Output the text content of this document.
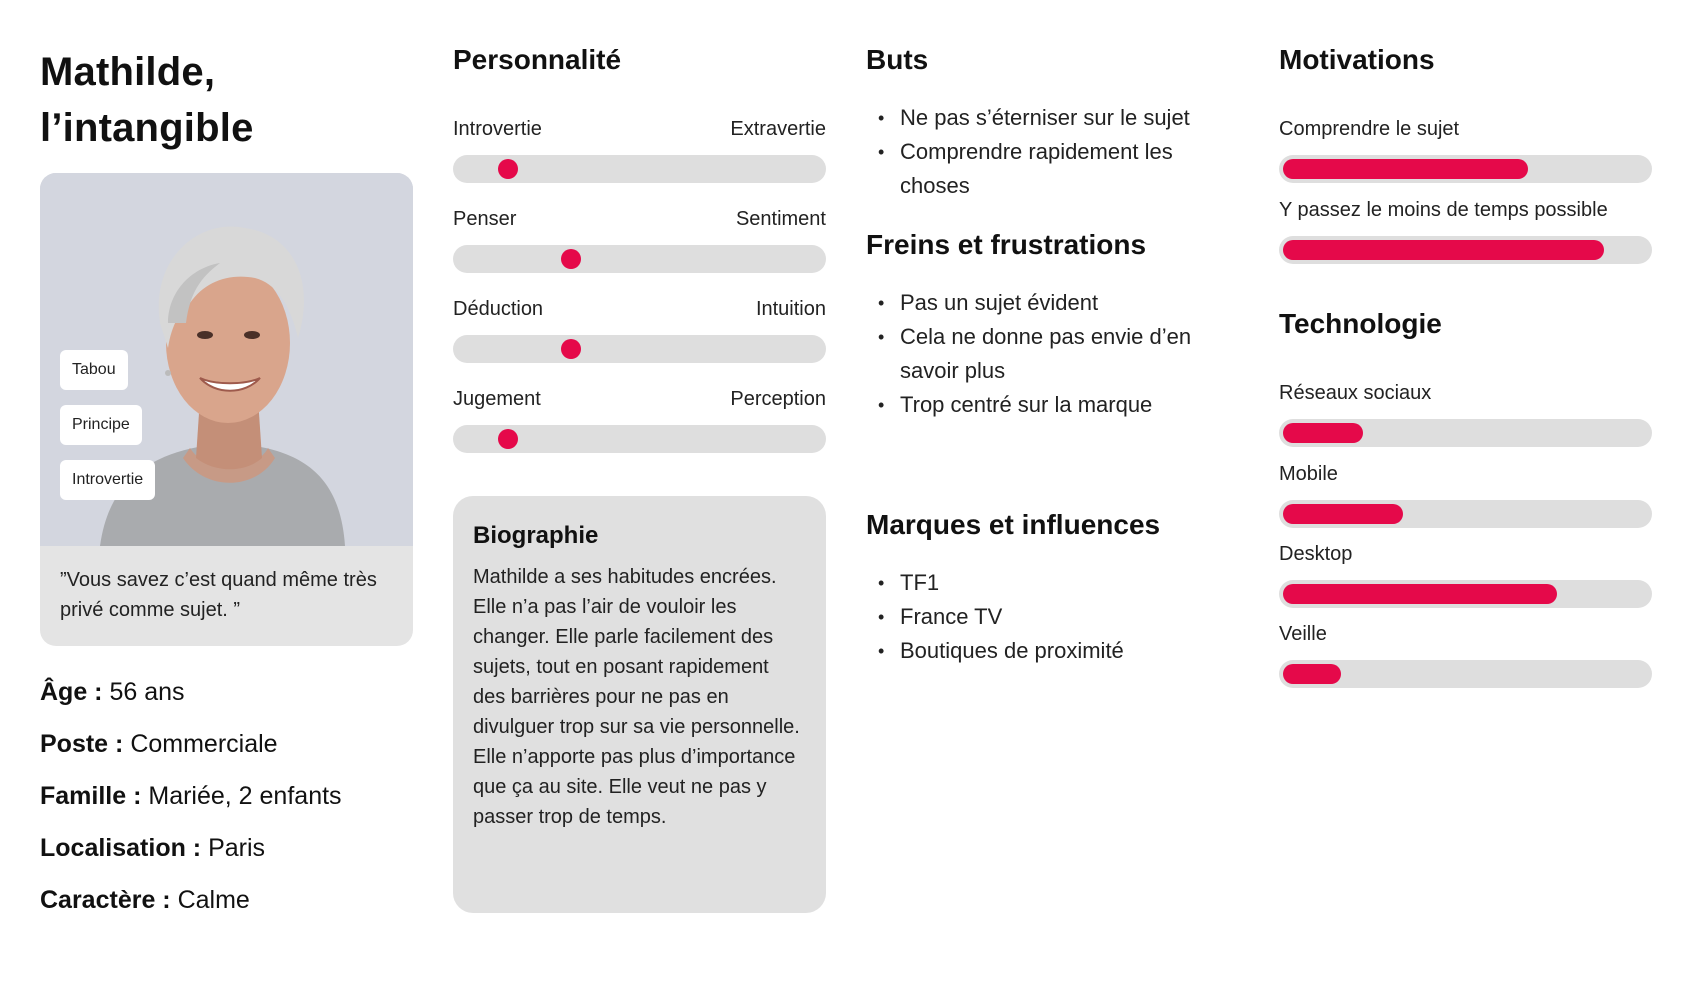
Mathilde,
l’intangible
Tabou
Principe
Introvertie
”Vous savez c’est quand même très privé comme sujet. ”
Âge : 56 ans
Poste : Commerciale
Famille : Mariée, 2 enfants
Localisation : Paris
Caractère : Calme
Personnalité
Introvertie	Extravertie
Penser	Sentiment
Déduction	Intuition
Jugement	Perception
Biographie
Mathilde a ses habitudes encrées. Elle n’a pas l’air de vouloir les changer. Elle parle facilement des sujets, tout en posant rapidement des barrières pour ne pas en divulguer trop sur sa vie personnelle.
Elle n’apporte pas plus d’importance que ça au site. Elle veut ne pas y passer trop de temps.
Buts
• Ne pas s’éterniser sur le sujet
• Comprendre rapidement les choses
Freins et frustrations
• Pas un sujet évident
• Cela ne donne pas envie d’en savoir plus
• Trop centré sur la marque
Marques et influences
• TF1
• France TV
• Boutiques de proximité
Motivations
Comprendre le sujet
Y passez le moins de temps possible
Technologie
Réseaux sociaux
Mobile
Desktop
Veille
